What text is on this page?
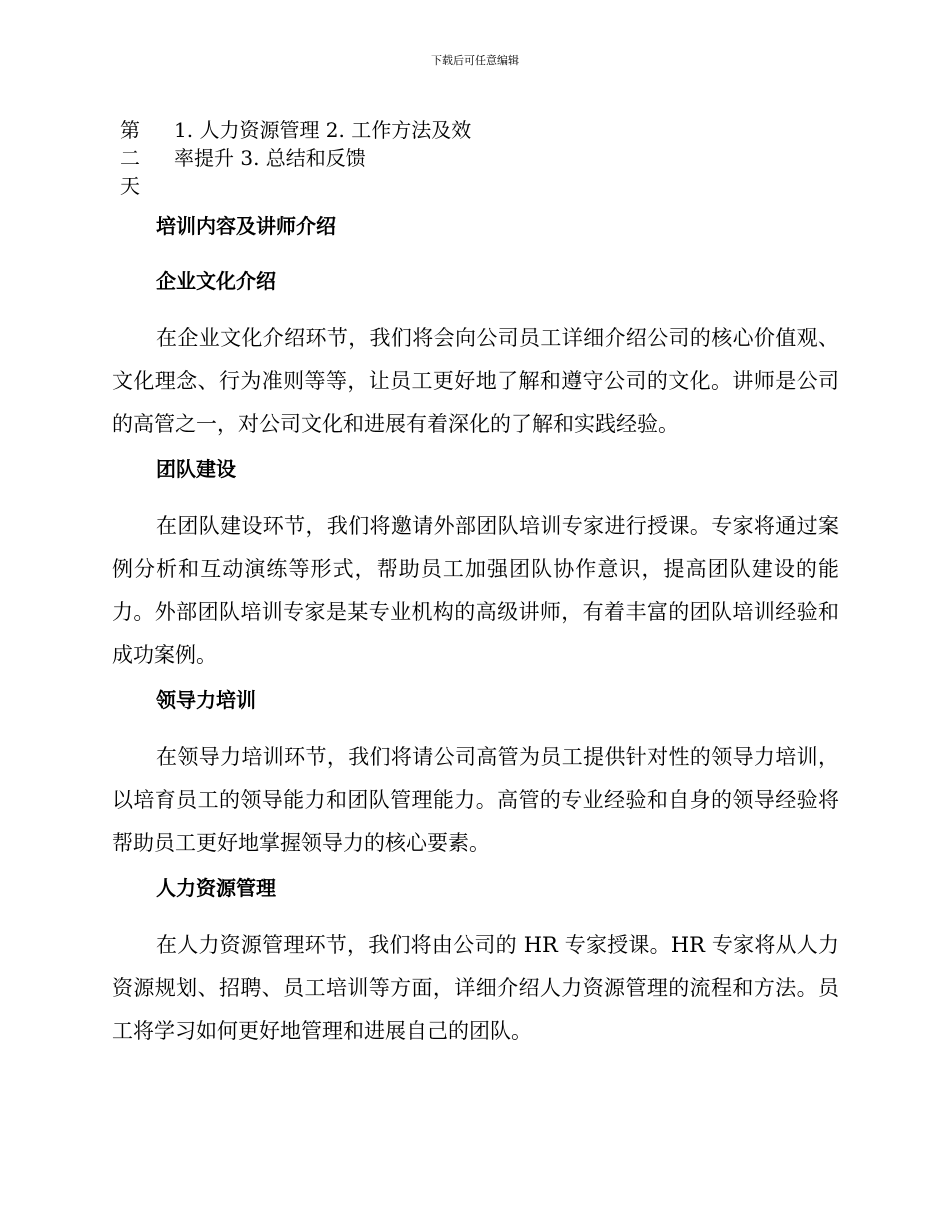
下载后可任意编辑
第二天
1. 人力资源管理 2. 工作方法及效率提升 3. 总结和反馈
培训内容及讲师介绍
企业文化介绍

在企业文化介绍环节，我们将会向公司员工详细介绍公司的核心价值观、文化理念、行为准则等等，让员工更好地了解和遵守公司的文化。讲师是公司的高管之一，对公司文化和进展有着深化的了解和实践经验。

团队建设

在团队建设环节，我们将邀请外部团队培训专家进行授课。专家将通过案例分析和互动演练等形式，帮助员工加强团队协作意识，提高团队建设的能力。外部团队培训专家是某专业机构的高级讲师，有着丰富的团队培训经验和成功案例。

领导力培训

在领导力培训环节，我们将请公司高管为员工提供针对性的领导力培训，以培育员工的领导能力和团队管理能力。高管的专业经验和自身的领导经验将帮助员工更好地掌握领导力的核心要素。

人力资源管理

在人力资源管理环节，我们将由公司的 HR 专家授课。HR 专家将从人力资源规划、招聘、员工培训等方面，详细介绍人力资源管理的流程和方法。员工将学习如何更好地管理和进展自己的团队。
